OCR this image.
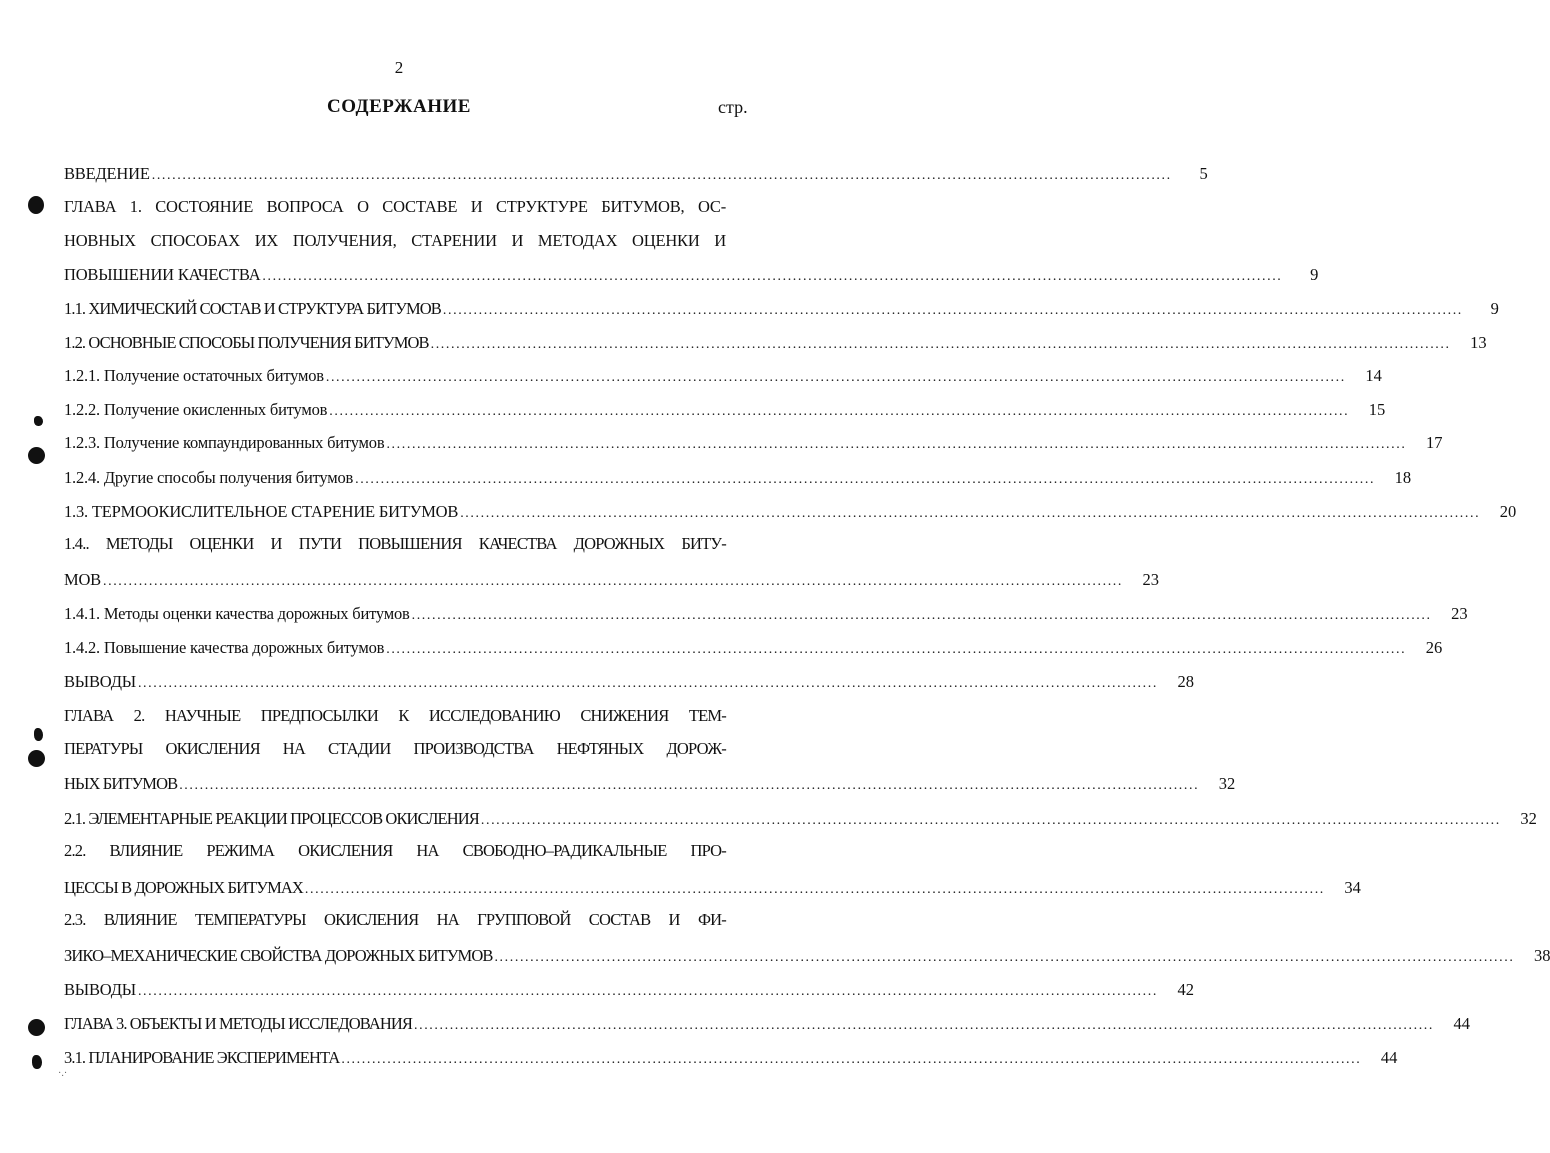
2
СОДЕРЖАНИЕ	стр.
ВВЕДЕНИЕ ........................................................................................................................................................................................................	5
ГЛАВА 1. СОСТОЯНИЕ ВОПРОСА О СОСТАВЕ И СТРУКТУРЕ БИТУМОВ, ОС-
НОВНЫХ СПОСОБАХ ИХ ПОЛУЧЕНИЯ, СТАРЕНИИ И МЕТОДАХ ОЦЕНКИ И
ПОВЫШЕНИИ КАЧЕСТВА ........................................................................................................................................................................................................	9
1.1. ХИМИЧЕСКИЙ СОСТАВ И СТРУКТУРА БИТУМОВ ........................................................................................................................................................................................................	9
1.2. ОСНОВНЫЕ СПОСОБЫ ПОЛУЧЕНИЯ БИТУМОВ ........................................................................................................................................................................................................	13
1.2.1. Получение остаточных битумов ........................................................................................................................................................................................................	14
1.2.2. Получение окисленных битумов ........................................................................................................................................................................................................	15
1.2.3. Получение компаундированных битумов ........................................................................................................................................................................................................	17
1.2.4. Другие способы получения битумов ........................................................................................................................................................................................................	18
1.3. ТЕРМООКИСЛИТЕЛЬНОЕ СТАРЕНИЕ БИТУМОВ ........................................................................................................................................................................................................	20
1.4.. МЕТОДЫ ОЦЕНКИ И ПУТИ ПОВЫШЕНИЯ КАЧЕСТВА ДОРОЖНЫХ БИТУ-
МОВ ........................................................................................................................................................................................................	23
1.4.1. Методы оценки качества дорожных битумов ........................................................................................................................................................................................................	23
1.4.2. Повышение качества дорожных битумов ........................................................................................................................................................................................................	26
ВЫВОДЫ ........................................................................................................................................................................................................	28
ГЛАВА 2. НАУЧНЫЕ ПРЕДПОСЫЛКИ К ИССЛЕДОВАНИЮ СНИЖЕНИЯ ТЕМ-
ПЕРАТУРЫ ОКИСЛЕНИЯ НА СТАДИИ ПРОИЗВОДСТВА НЕФТЯНЫХ ДОРОЖ-
НЫХ БИТУМОВ ........................................................................................................................................................................................................	32
2.1. ЭЛЕМЕНТАРНЫЕ РЕАКЦИИ ПРОЦЕССОВ ОКИСЛЕНИЯ ........................................................................................................................................................................................................	32
2.2. ВЛИЯНИЕ РЕЖИМА ОКИСЛЕНИЯ НА СВОБОДНО–РАДИКАЛЬНЫЕ ПРО-
ЦЕССЫ В ДОРОЖНЫХ БИТУМАХ ........................................................................................................................................................................................................	34
2.3. ВЛИЯНИЕ ТЕМПЕРАТУРЫ ОКИСЛЕНИЯ НА ГРУППОВОЙ СОСТАВ И ФИ-
ЗИКО–МЕХАНИЧЕСКИЕ СВОЙСТВА ДОРОЖНЫХ БИТУМОВ ........................................................................................................................................................................................................	38
ВЫВОДЫ ........................................................................................................................................................................................................	42
ГЛАВА 3. ОБЪЕКТЫ И МЕТОДЫ ИССЛЕДОВАНИЯ ........................................................................................................................................................................................................	44
3.1. ПЛАНИРОВАНИЕ ЭКСПЕРИМЕНТА ........................................................................................................................................................................................................	44
·.·
